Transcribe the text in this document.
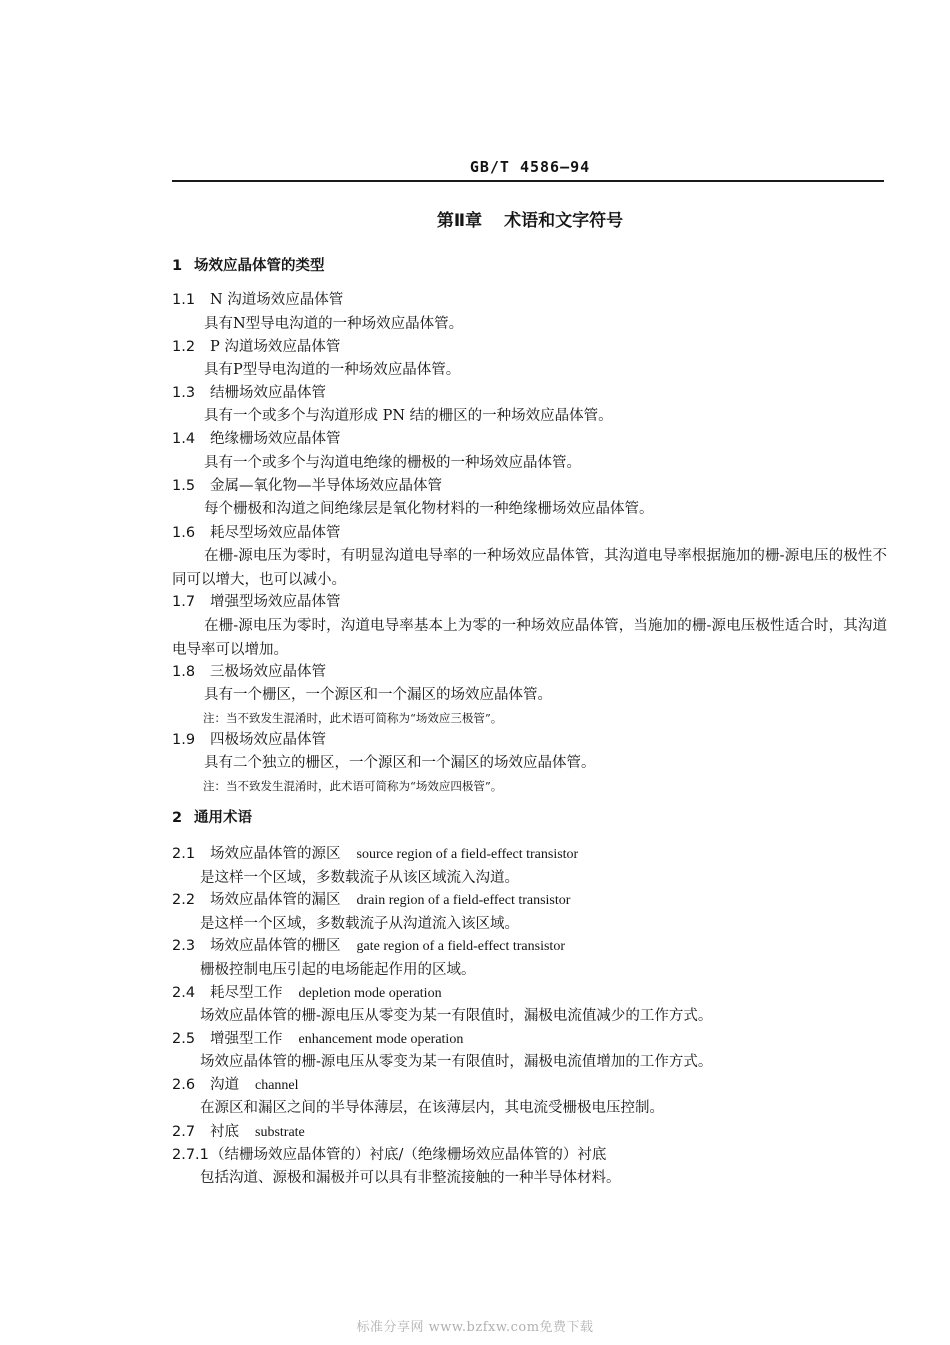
GB/T 4586—94
第Ⅱ章 术语和文字符号
1 场效应晶体管的类型
1.1 N 沟道场效应晶体管
具有N型导电沟道的一种场效应晶体管。
1.2 P 沟道场效应晶体管
具有P型导电沟道的一种场效应晶体管。
1.3 结栅场效应晶体管
具有一个或多个与沟道形成 PN 结的栅区的一种场效应晶体管。
1.4 绝缘栅场效应晶体管
具有一个或多个与沟道电绝缘的栅极的一种场效应晶体管。
1.5 金属—氧化物—半导体场效应晶体管
每个栅极和沟道之间绝缘层是氧化物材料的一种绝缘栅场效应晶体管。
1.6 耗尽型场效应晶体管
在栅-源电压为零时，有明显沟道电导率的一种场效应晶体管，其沟道电导率根据施加的栅-源电压的极性不同可以增大，也可以减小。
1.7 增强型场效应晶体管
在栅-源电压为零时，沟道电导率基本上为零的一种场效应晶体管，当施加的栅-源电压极性适合时，其沟道电导率可以增加。
1.8 三极场效应晶体管
具有一个栅区，一个源区和一个漏区的场效应晶体管。
注：当不致发生混淆时，此术语可简称为“场效应三极管”。
1.9 四极场效应晶体管
具有二个独立的栅区，一个源区和一个漏区的场效应晶体管。
注：当不致发生混淆时，此术语可简称为“场效应四极管”。
2 通用术语
2.1 场效应晶体管的源区 source region of a field-effect transistor
是这样一个区域，多数载流子从该区域流入沟道。
2.2 场效应晶体管的漏区 drain region of a field-effect transistor
是这样一个区域，多数载流子从沟道流入该区域。
2.3 场效应晶体管的栅区 gate region of a field-effect transistor
栅极控制电压引起的电场能起作用的区域。
2.4 耗尽型工作 depletion mode operation
场效应晶体管的栅-源电压从零变为某一有限值时，漏极电流值减少的工作方式。
2.5 增强型工作 enhancement mode operation
场效应晶体管的栅-源电压从零变为某一有限值时，漏极电流值增加的工作方式。
2.6 沟道 channel
在源区和漏区之间的半导体薄层，在该薄层内，其电流受栅极电压控制。
2.7 衬底 substrate
2.7.1（结栅场效应晶体管的）衬底/（绝缘栅场效应晶体管的）衬底
包括沟道、源极和漏极并可以具有非整流接触的一种半导体材料。
标准分享网 www.bzfxw.com免费下载
